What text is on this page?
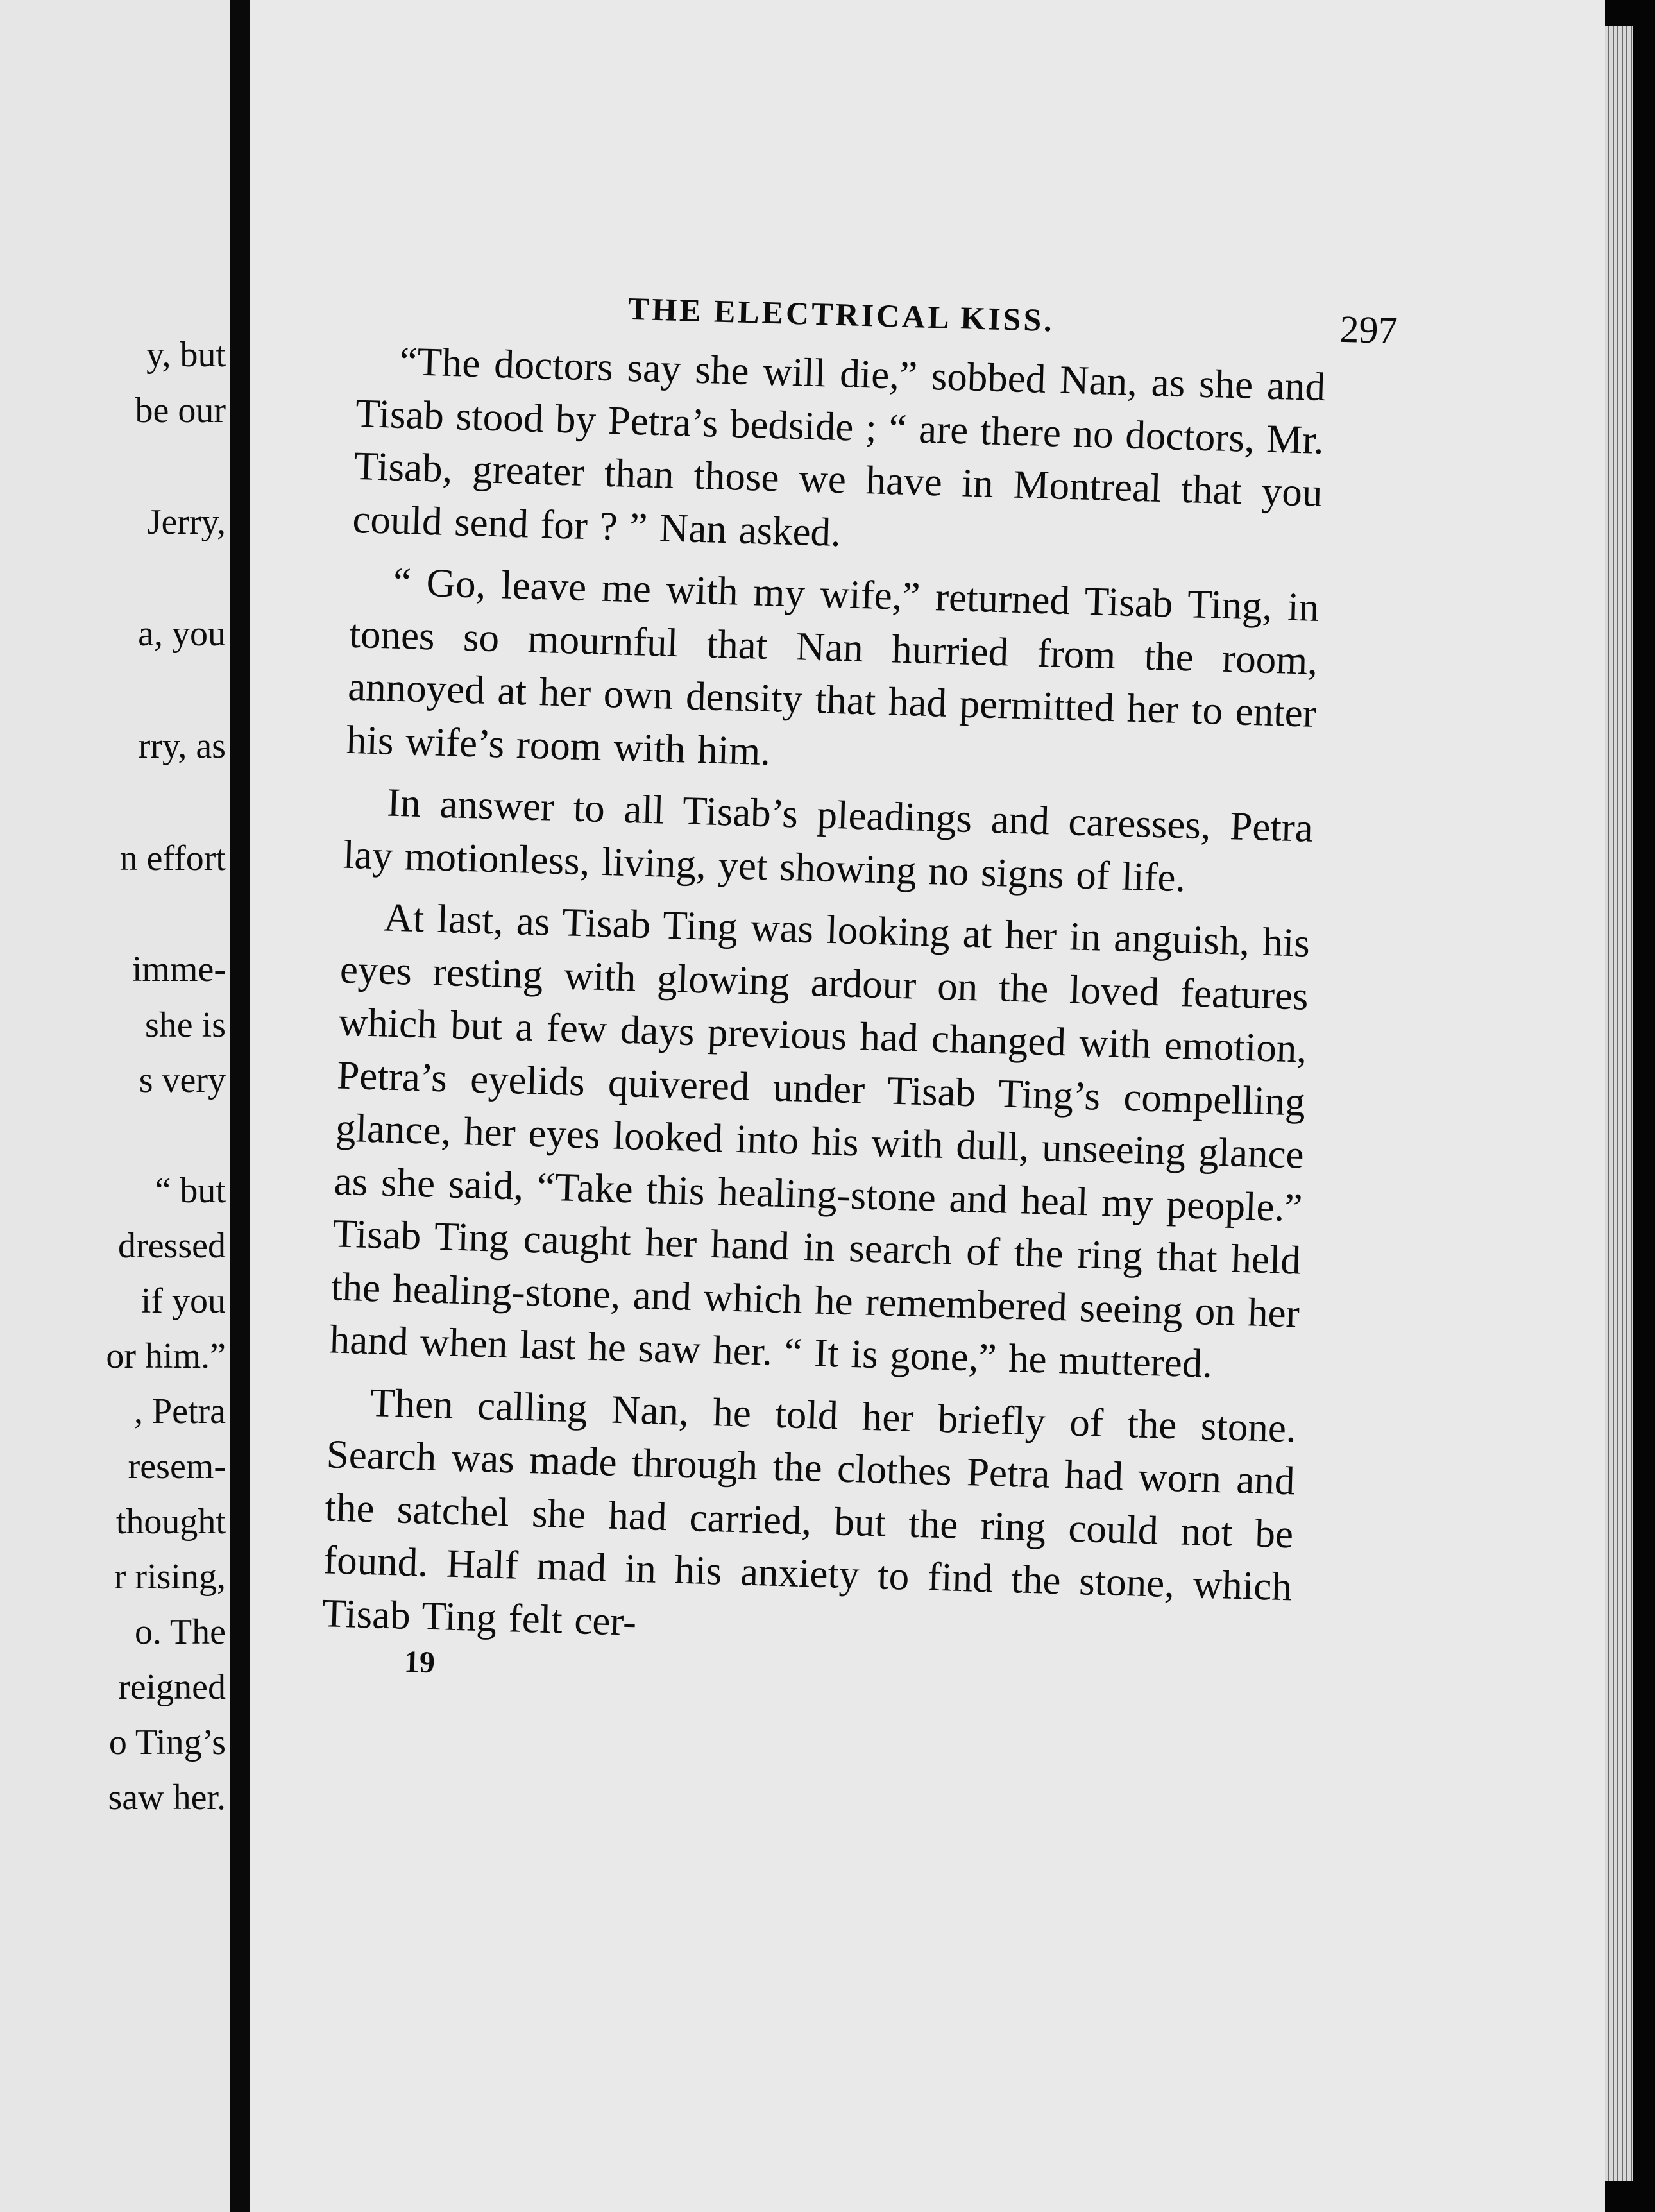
y, but
be our
Jerry,
a, you
rry, as
n effort
imme-
she is
s very
“ but
dressed
if you
or him.”
, Petra
resem-
thought
r rising,
o. The
reigned
o Ting’s
saw her.
THE ELECTRICAL KISS.	297

“The doctors say she will die,” sobbed Nan, as she and Tisab stood by Petra’s bedside ; “ are there no doctors, Mr. Tisab, greater than those we have in Montreal that you could send for ? ” Nan asked.

“ Go, leave me with my wife,” returned Tisab Ting, in tones so mournful that Nan hurried from the room, annoyed at her own density that had permitted her to enter his wife’s room with him.

In answer to all Tisab’s pleadings and caresses, Petra lay motionless, living, yet showing no signs of life.

At last, as Tisab Ting was looking at her in anguish, his eyes resting with glowing ardour on the loved features which but a few days previous had changed with emotion, Petra’s eyelids quivered under Tisab Ting’s compelling glance, her eyes looked into his with dull, unseeing glance as she said, “Take this healing-stone and heal my people.” Tisab Ting caught her hand in search of the ring that held the healing-stone, and which he remembered seeing on her hand when last he saw her. “ It is gone,” he muttered.

Then calling Nan, he told her briefly of the stone. Search was made through the clothes Petra had worn and the satchel she had carried, but the ring could not be found. Half mad in his anxiety to find the stone, which Tisab Ting felt cer-

19
